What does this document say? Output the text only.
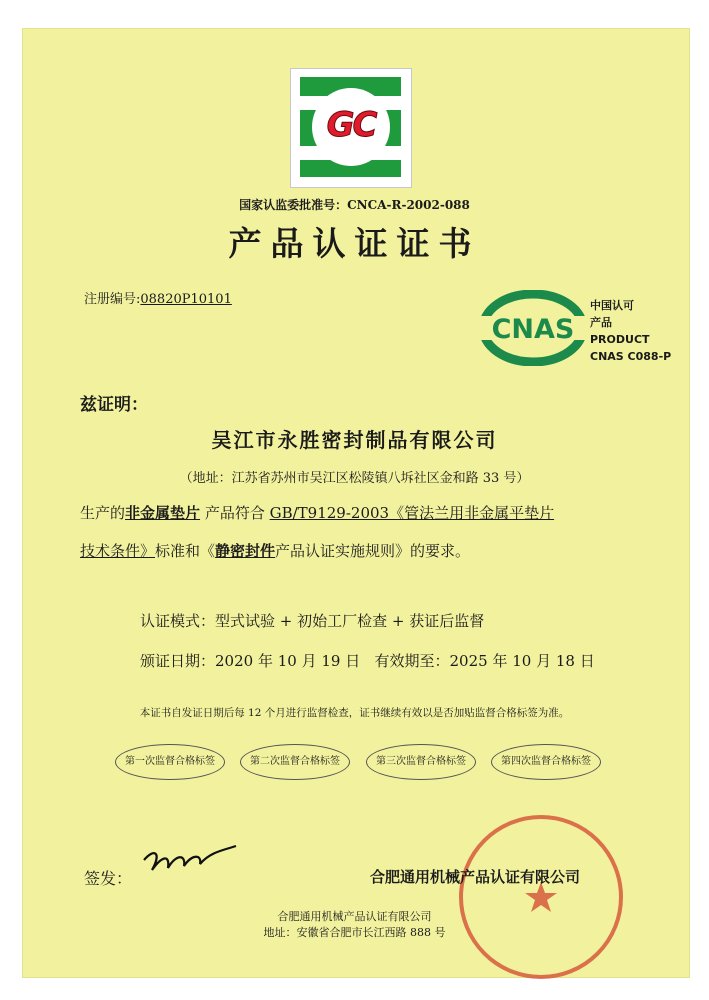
GC
国家认监委批准号：CNCA-R-2002-088
产品认证证书
注册编号:08820P10101
CNAS
中国认可
产品
PRODUCT
CNAS C088-P
兹证明：
吴江市永胜密封制品有限公司
（地址：江苏省苏州市吴江区松陵镇八坼社区金和路 33 号）
生产的非金属垫片 产品符合 GB/T9129-2003《管法兰用非金属平垫片
技术条件》标准和《静密封件产品认证实施规则》的要求。
认证模式：型式试验 + 初始工厂检查 + 获证后监督
颁证日期：2020 年 10 月 19 日 有效期至：2025 年 10 月 18 日
本证书自发证日期后每 12 个月进行监督检查，证书继续有效以是否加贴监督合格标签为准。
第一次监督合格标签	第二次监督合格标签	第三次监督合格标签	第四次监督合格标签
签发：	合肥通用机械产品认证有限公司
合肥通用机械产品认证有限公司
地址：安徽省合肥市长江西路 888 号
